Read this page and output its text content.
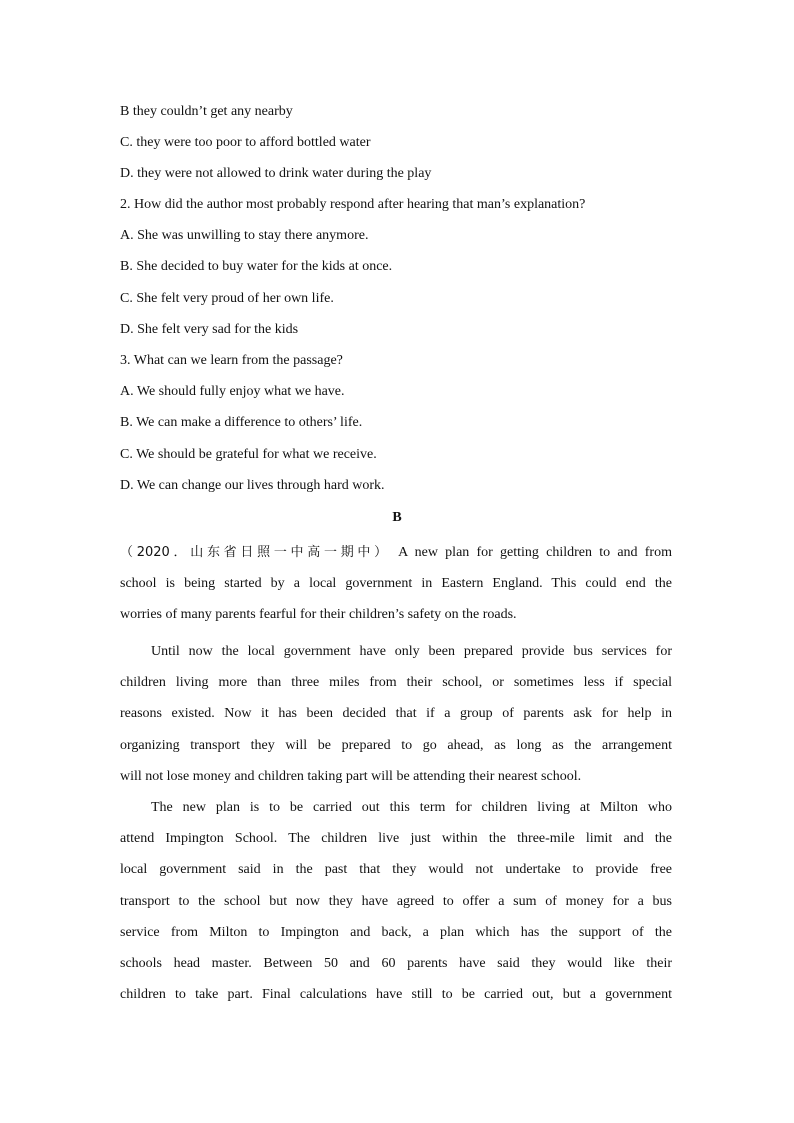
B they couldn’t get any nearby
C. they were too poor to afford bottled water
D. they were not allowed to drink water during the play
2. How did the author most probably respond after hearing that man’s explanation?
A. She was unwilling to stay there anymore.
B. She decided to buy water for the kids at once.
C. She felt very proud of her own life.
D. She felt very sad for the kids
3. What can we learn from the passage?
A. We should fully enjoy what we have.
B. We can make a difference to others’ life.
C. We should be grateful for what we receive.
D. We can change our lives through hard work.
B
（2020．山东省日照一中高一期中） A new plan for getting children to and from
school is being started by a local government in Eastern England. This could end the
worries of many parents fearful for their children’s safety on the roads.
Until now the local government have only been prepared provide bus services for
children living more than three miles from their school, or sometimes less if special
reasons existed. Now it has been decided that if a group of parents ask for help in
organizing transport they will be prepared to go ahead, as long as the arrangement
will not lose money and children taking part will be attending their nearest school.
The new plan is to be carried out this term for children living at Milton who
attend Impington School. The children live just within the three-mile limit and the
local government said in the past that they would not undertake to provide free
transport to the school but now they have agreed to offer a sum of money for a bus
service from Milton to Impington and back, a plan which has the support of the
schools head master. Between 50 and 60 parents have said they would like their
children to take part. Final calculations have still to be carried out, but a government
